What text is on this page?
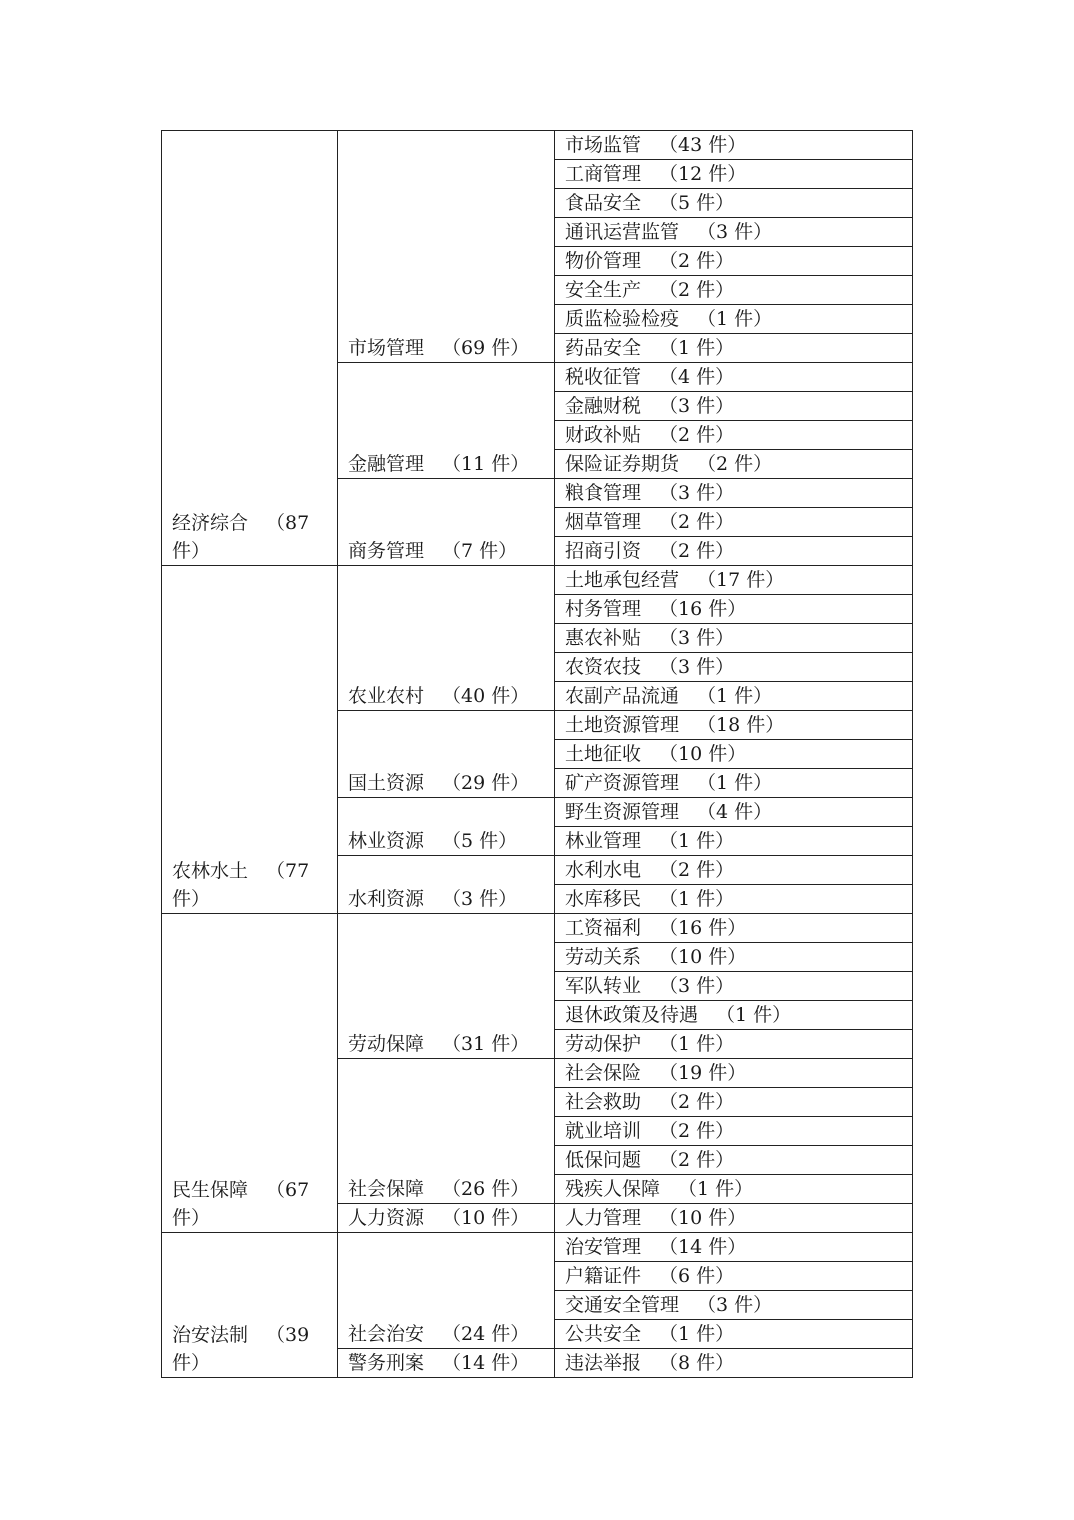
经济综合 （87件）	市场管理 （69 件）	市场监管 （43 件）
		工商管理 （12 件）
		食品安全 （5 件）
		通讯运营监管 （3 件）
		物价管理 （2 件）
		安全生产 （2 件）
		质监检验检疫 （1 件）
		药品安全 （1 件）
	金融管理 （11 件）	税收征管 （4 件）
		金融财税 （3 件）
		财政补贴 （2 件）
		保险证券期货 （2 件）
	商务管理 （7 件）	粮食管理 （3 件）
		烟草管理 （2 件）
		招商引资 （2 件）

农林水土 （77件）	农业农村 （40 件）	土地承包经营 （17 件）
		村务管理 （16 件）
		惠农补贴 （3 件）
		农资农技 （3 件）
		农副产品流通 （1 件）
	国土资源 （29 件）	土地资源管理 （18 件）
		土地征收 （10 件）
		矿产资源管理 （1 件）
	林业资源 （5 件）	野生资源管理 （4 件）
		林业管理 （1 件）
	水利资源 （3 件）	水利水电 （2 件）
		水库移民 （1 件）

民生保障 （67件）	劳动保障 （31 件）	工资福利 （16 件）
		劳动关系 （10 件）
		军队转业 （3 件）
		退休政策及待遇 （1 件）
		劳动保护 （1 件）
	社会保障 （26 件）	社会保险 （19 件）
		社会救助 （2 件）
		就业培训 （2 件）
		低保问题 （2 件）
		残疾人保障 （1 件）
	人力资源 （10 件）	人力管理 （10 件）

治安法制 （39件）	社会治安 （24 件）	治安管理 （14 件）
		户籍证件 （6 件）
		交通安全管理 （3 件）
		公共安全 （1 件）
	警务刑案 （14 件）	违法举报 （8 件）
